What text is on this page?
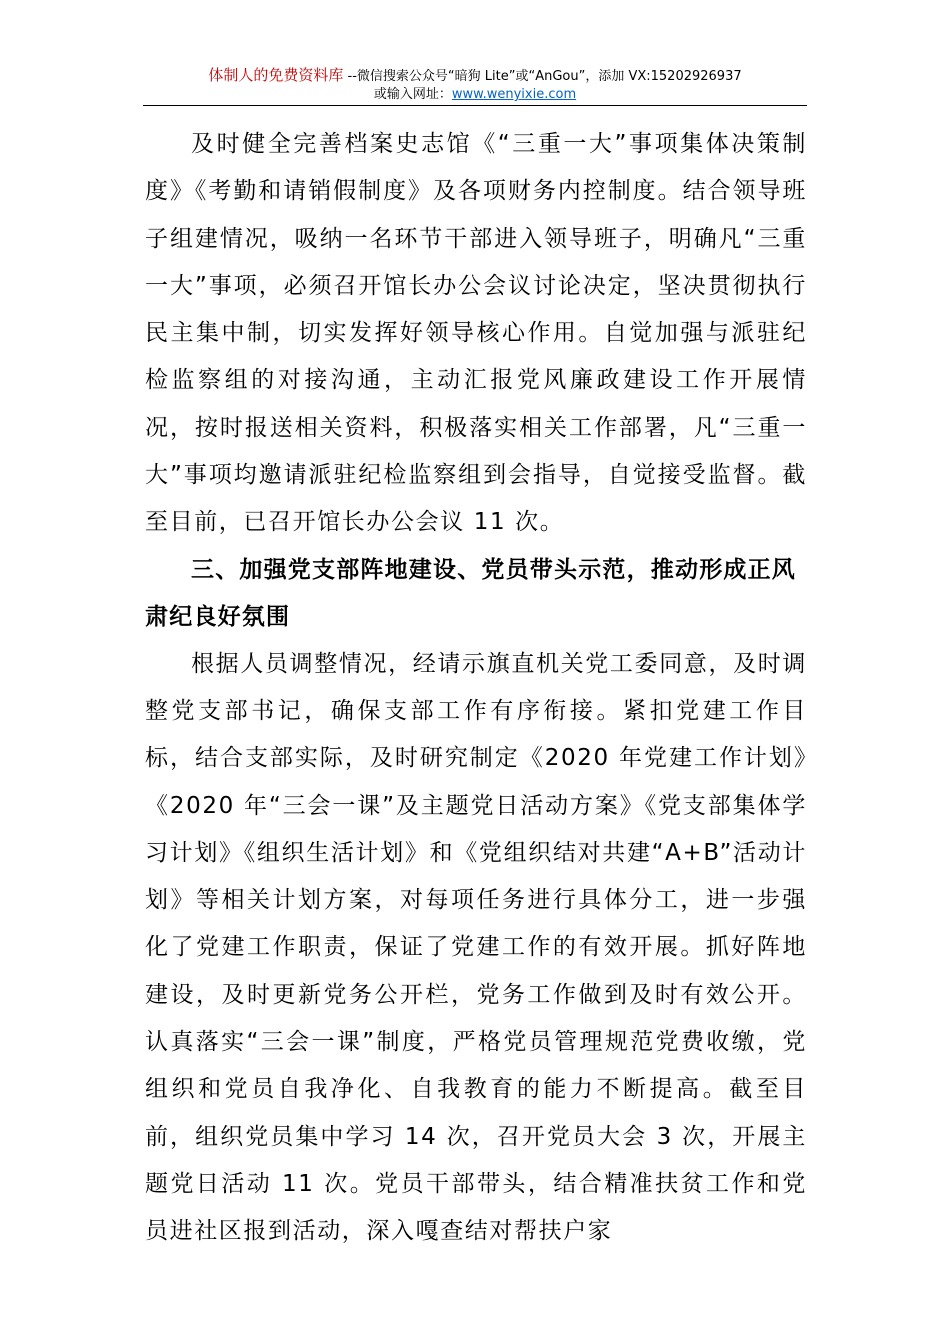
体制人的免费资料库 --微信搜索公众号“暗狗 Lite”或“AnGou”，添加 VX:15202926937
或输入网址：www.wenyixie.com

及时健全完善档案史志馆《“三重一大”事项集体决策制度》《考勤和请销假制度》及各项财务内控制度。结合领导班子组建情况，吸纳一名环节干部进入领导班子，明确凡“三重一大”事项，必须召开馆长办公会议讨论决定，坚决贯彻执行民主集中制，切实发挥好领导核心作用。自觉加强与派驻纪检监察组的对接沟通，主动汇报党风廉政建设工作开展情况，按时报送相关资料，积极落实相关工作部署，凡“三重一大”事项均邀请派驻纪检监察组到会指导，自觉接受监督。截至目前，已召开馆长办公会议 11 次。

三、加强党支部阵地建设、党员带头示范，推动形成正风肃纪良好氛围

根据人员调整情况，经请示旗直机关党工委同意，及时调整党支部书记，确保支部工作有序衔接。紧扣党建工作目标，结合支部实际，及时研究制定《2020 年党建工作计划》《2020 年“三会一课”及主题党日活动方案》《党支部集体学习计划》《组织生活计划》和《党组织结对共建“A+B”活动计划》等相关计划方案，对每项任务进行具体分工，进一步强化了党建工作职责，保证了党建工作的有效开展。抓好阵地建设，及时更新党务公开栏，党务工作做到及时有效公开。认真落实“三会一课”制度，严格党员管理规范党费收缴，党组织和党员自我净化、自我教育的能力不断提高。截至目前，组织党员集中学习 14 次，召开党员大会 3 次，开展主题党日活动 11 次。党员干部带头，结合精准扶贫工作和党员进社区报到活动，深入嘎查结对帮扶户家
